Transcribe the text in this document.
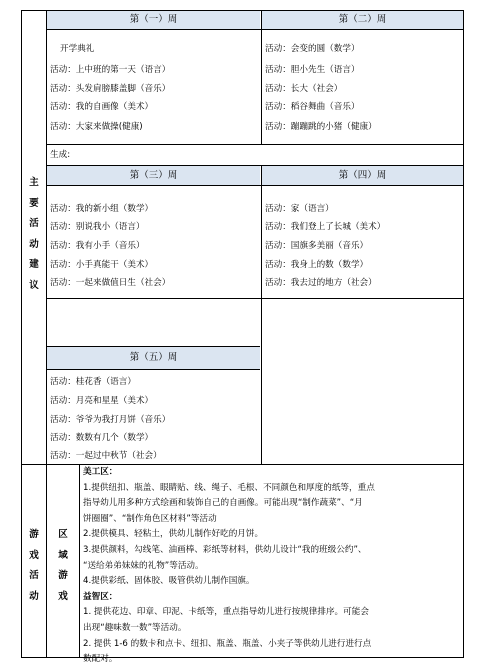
第（一）周	第（二）周
第（三）周	第（四）周
第（五）周
主
要
活
动
建
议
游
戏
活
动
区
域
游
戏
开学典礼
活动：上中班的第一天（语言）
活动：头发肩膀膝盖脚（音乐）
活动：我的自画像（美术）
活动：大家来做操(健康)
活动：会变的圆（数学）
活动：胆小先生（语言）
活动：长大（社会）
活动：稻谷舞曲（音乐）
活动：蹦蹦跳的小猪（健康）
生成:
活动：我的新小组（数学）
活动：别说我小（语言）
活动：我有小手（音乐）
活动：小手真能干（美术）
活动：一起来做值日生（社会）
活动：家（语言）
活动：我们登上了长城（美术）
活动：国旗多美丽（音乐）
活动：我身上的数（数学）
活动：我去过的地方（社会）
活动：桂花香（语言）
活动：月亮和星星（美术）
活动：爷爷为我打月饼（音乐）
活动：数数有几个（数学）
活动：一起过中秋节（社会）
美工区：
1.提供纽扣、瓶盖、眼睛贴、线、绳子、毛根、不同颜色和厚度的纸等，重点
指导幼儿用多种方式绘画和装饰自己的自画像。可能出现“制作蔬菜”、“月
饼圈圈”、“制作角色区材料”等活动
2.提供模具、轻粘土，供幼儿制作好吃的月饼。
3.提供颜料，勾线笔、油画棒、彩纸等材料，供幼儿设计“我的班级公约”、
“送给弟弟妹妹的礼物”等活动。
4.提供彩纸、固体胶、吸管供幼儿制作国旗。
益智区：
1. 提供花边、印章、印泥、卡纸等，重点指导幼儿进行按规律排序。可能会
出现“趣味数一数”等活动。
2. 提供 1-6 的数卡和点卡、纽扣、瓶盖、瓶盖、小夹子等供幼儿进行进行点
数配对。
